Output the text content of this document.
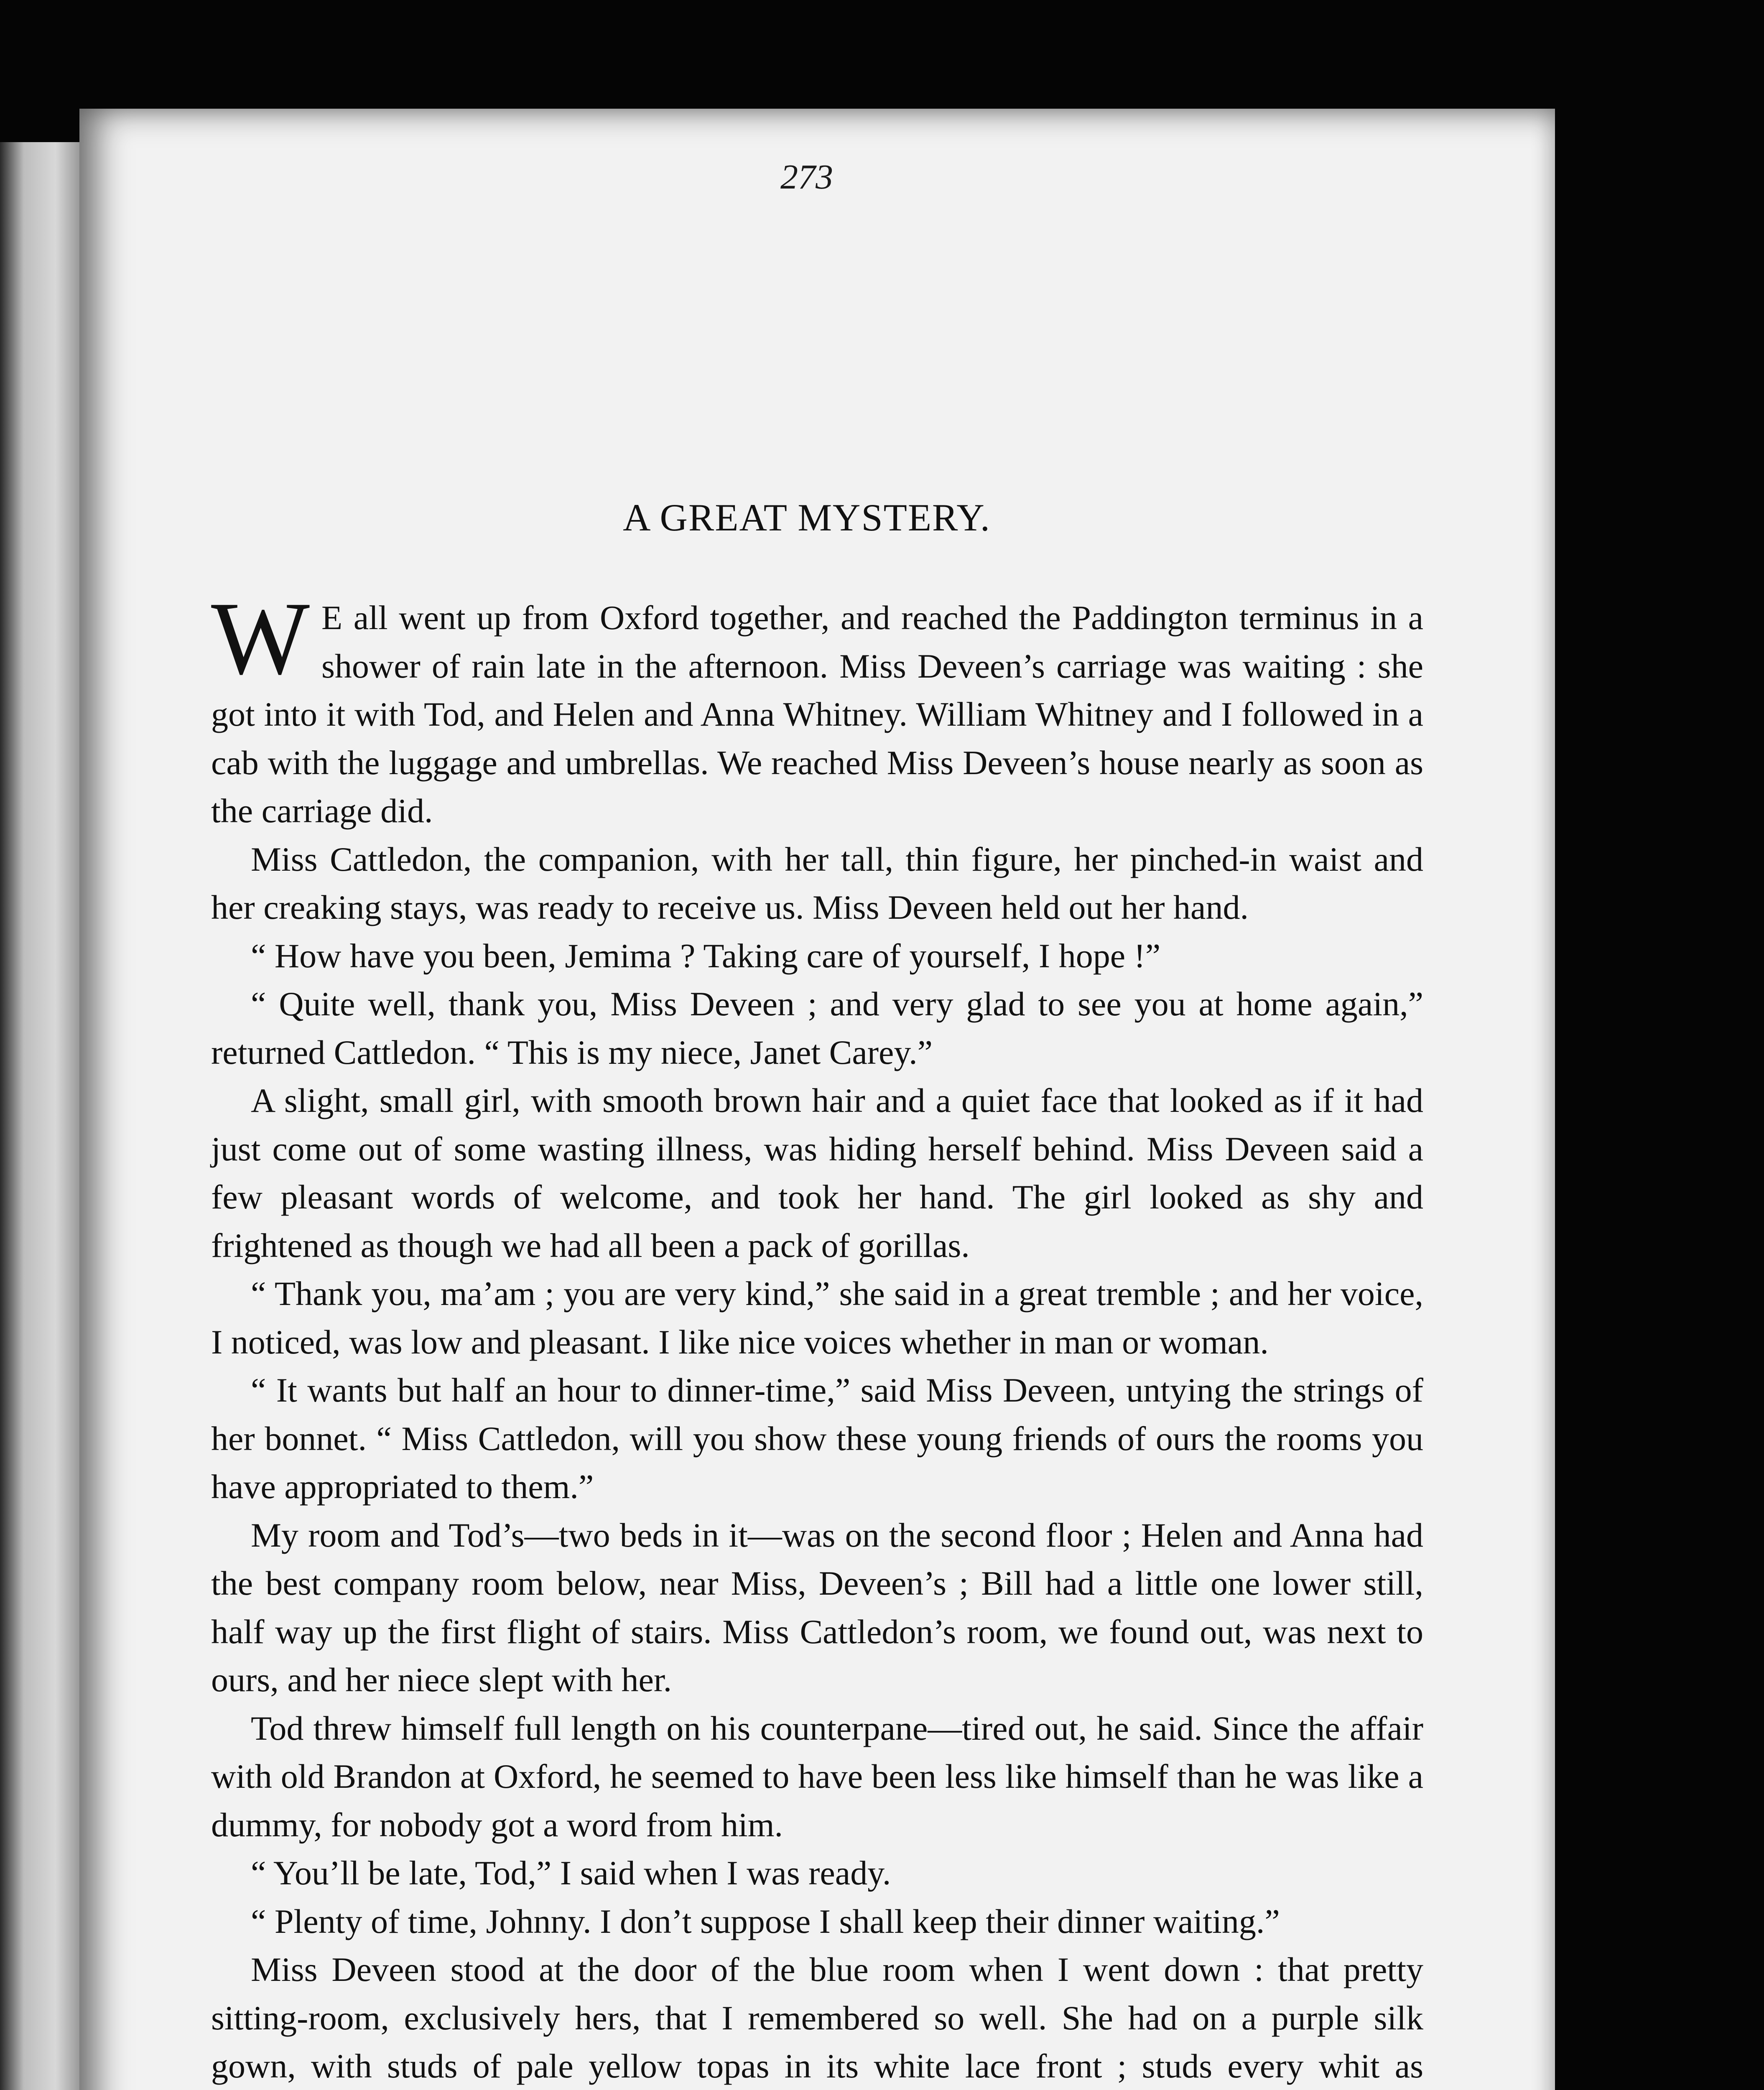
273
A GREAT MYSTERY.

W E all went up from Oxford together, and reached the Paddington terminus in a shower of rain late in the afternoon. Miss Deveen’s carriage was waiting : she got into it with Tod, and Helen and Anna Whitney. William Whitney and I followed in a cab with the luggage and umbrellas. We reached Miss Deveen’s house nearly as soon as the carriage did.

Miss Cattledon, the companion, with her tall, thin figure, her pinched-in waist and her creaking stays, was ready to receive us. Miss Deveen held out her hand.

“ How have you been, Jemima ? Taking care of yourself, I hope !”

“ Quite well, thank you, Miss Deveen ; and very glad to see you at home again,” returned Cattledon. “ This is my niece, Janet Carey.”

A slight, small girl, with smooth brown hair and a quiet face that looked as if it had just come out of some wasting illness, was hiding herself behind. Miss Deveen said a few pleasant words of welcome, and took her hand. The girl looked as shy and frightened as though we had all been a pack of gorillas.

“ Thank you, ma’am ; you are very kind,” she said in a great tremble ; and her voice, I noticed, was low and pleasant. I like nice voices whether in man or woman.

“ It wants but half an hour to dinner-time,” said Miss Deveen, untying the strings of her bonnet. “ Miss Cattledon, will you show these young friends of ours the rooms you have appropriated to them.”

My room and Tod’s—two beds in it—was on the second floor ; Helen and Anna had the best company room below, near Miss, Deveen’s ; Bill had a little one lower still, half way up the first flight of stairs. Miss Cattledon’s room, we found out, was next to ours, and her niece slept with her.

Tod threw himself full length on his counterpane—tired out, he said. Since the affair with old Brandon at Oxford, he seemed to have been less like himself than he was like a dummy, for nobody got a word from him.

“ You’ll be late, Tod,” I said when I was ready.

“ Plenty of time, Johnny. I don’t suppose I shall keep their dinner waiting.”

Miss Deveen stood at the door of the blue room when I went down : that pretty sitting-room, exclusively hers, that I remembered so well. She had on a purple silk gown, with studs of pale yellow topas in its white lace front ; studs every whit as
